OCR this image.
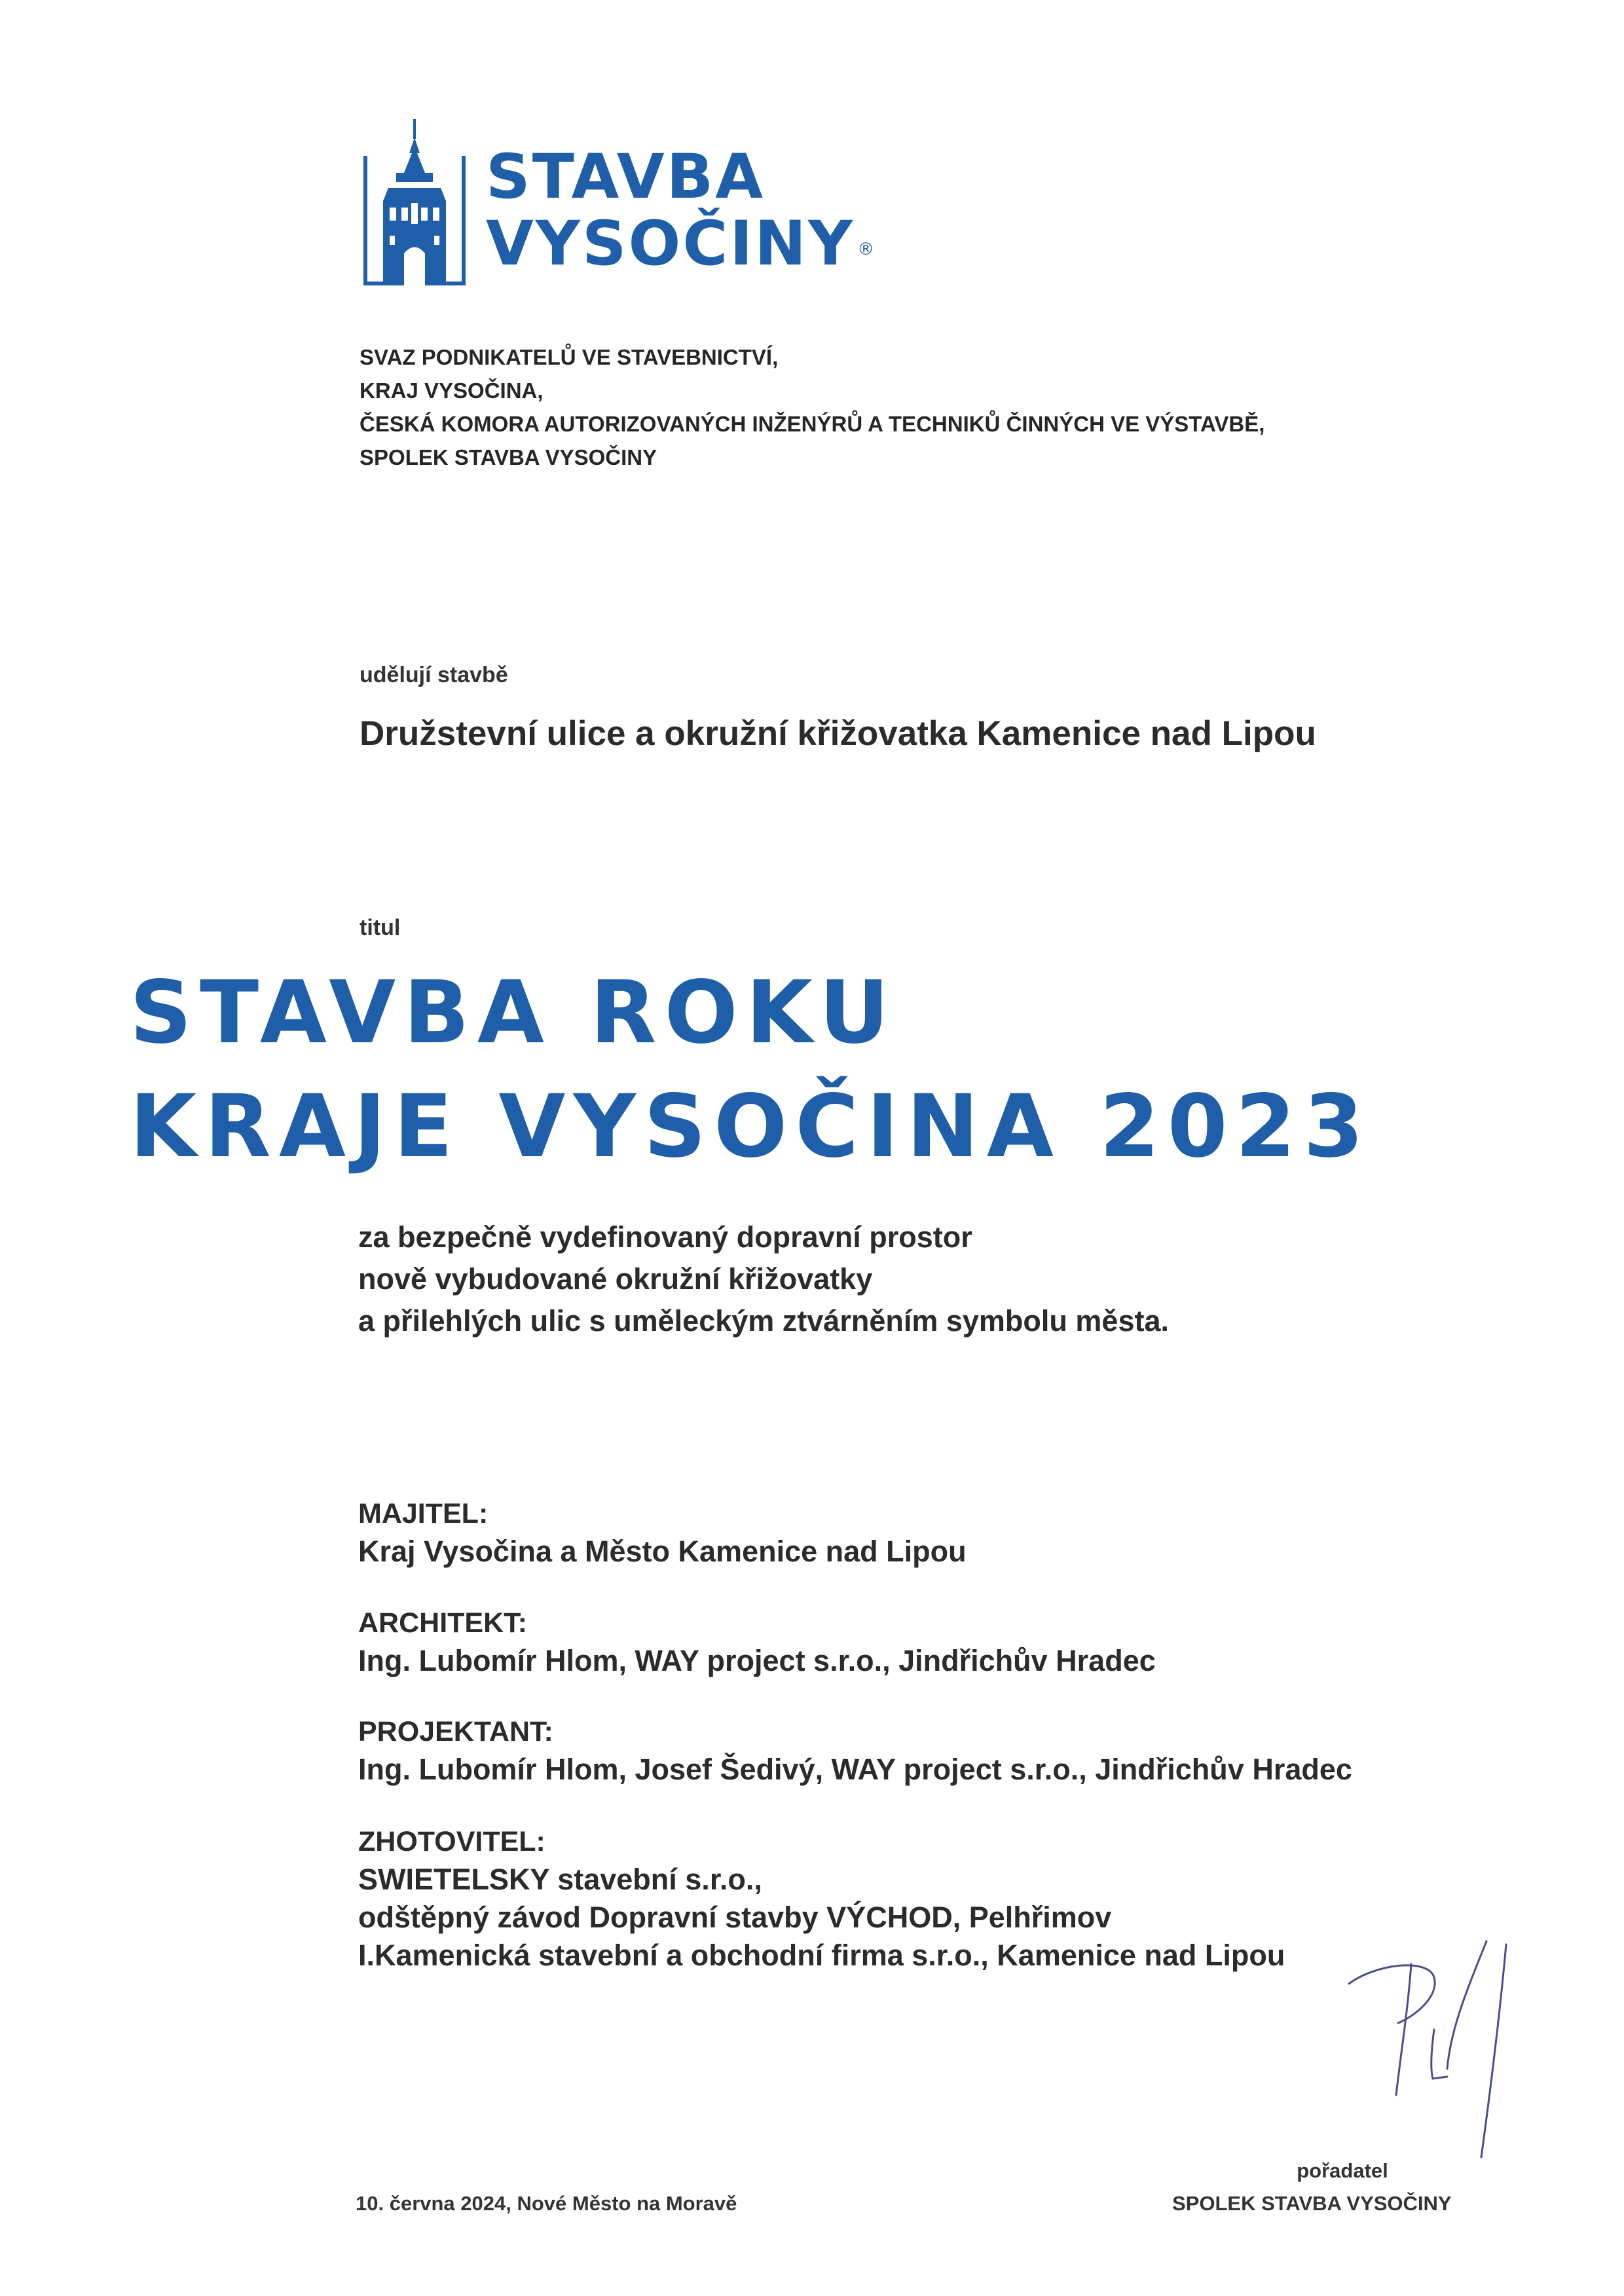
STAVBA
VYSOČINY ®
SVAZ PODNIKATELŮ VE STAVEBNICTVÍ,
KRAJ VYSOČINA,
ČESKÁ KOMORA AUTORIZOVANÝCH INŽENÝRŮ A TECHNIKŮ ČINNÝCH VE VÝSTAVBĚ,
SPOLEK STAVBA VYSOČINY
udělují stavbě
Družstevní ulice a okružní křižovatka Kamenice nad Lipou
titul
STAVBA ROKU
KRAJE VYSOČINA 2023
za bezpečně vydefinovaný dopravní prostor
nově vybudované okružní křižovatky
a přilehlých ulic s uměleckým ztvárněním symbolu města.
MAJITEL:
Kraj Vysočina a Město Kamenice nad Lipou
ARCHITEKT:
Ing. Lubomír Hlom, WAY project s.r.o., Jindřichův Hradec
PROJEKTANT:
Ing. Lubomír Hlom, Josef Šedivý, WAY project s.r.o., Jindřichův Hradec
ZHOTOVITEL:
SWIETELSKY stavební s.r.o.,
odštěpný závod Dopravní stavby VÝCHOD, Pelhřimov
I.Kamenická stavební a obchodní firma s.r.o., Kamenice nad Lipou
pořadatel
SPOLEK STAVBA VYSOČINY
10. června 2024, Nové Město na Moravě
